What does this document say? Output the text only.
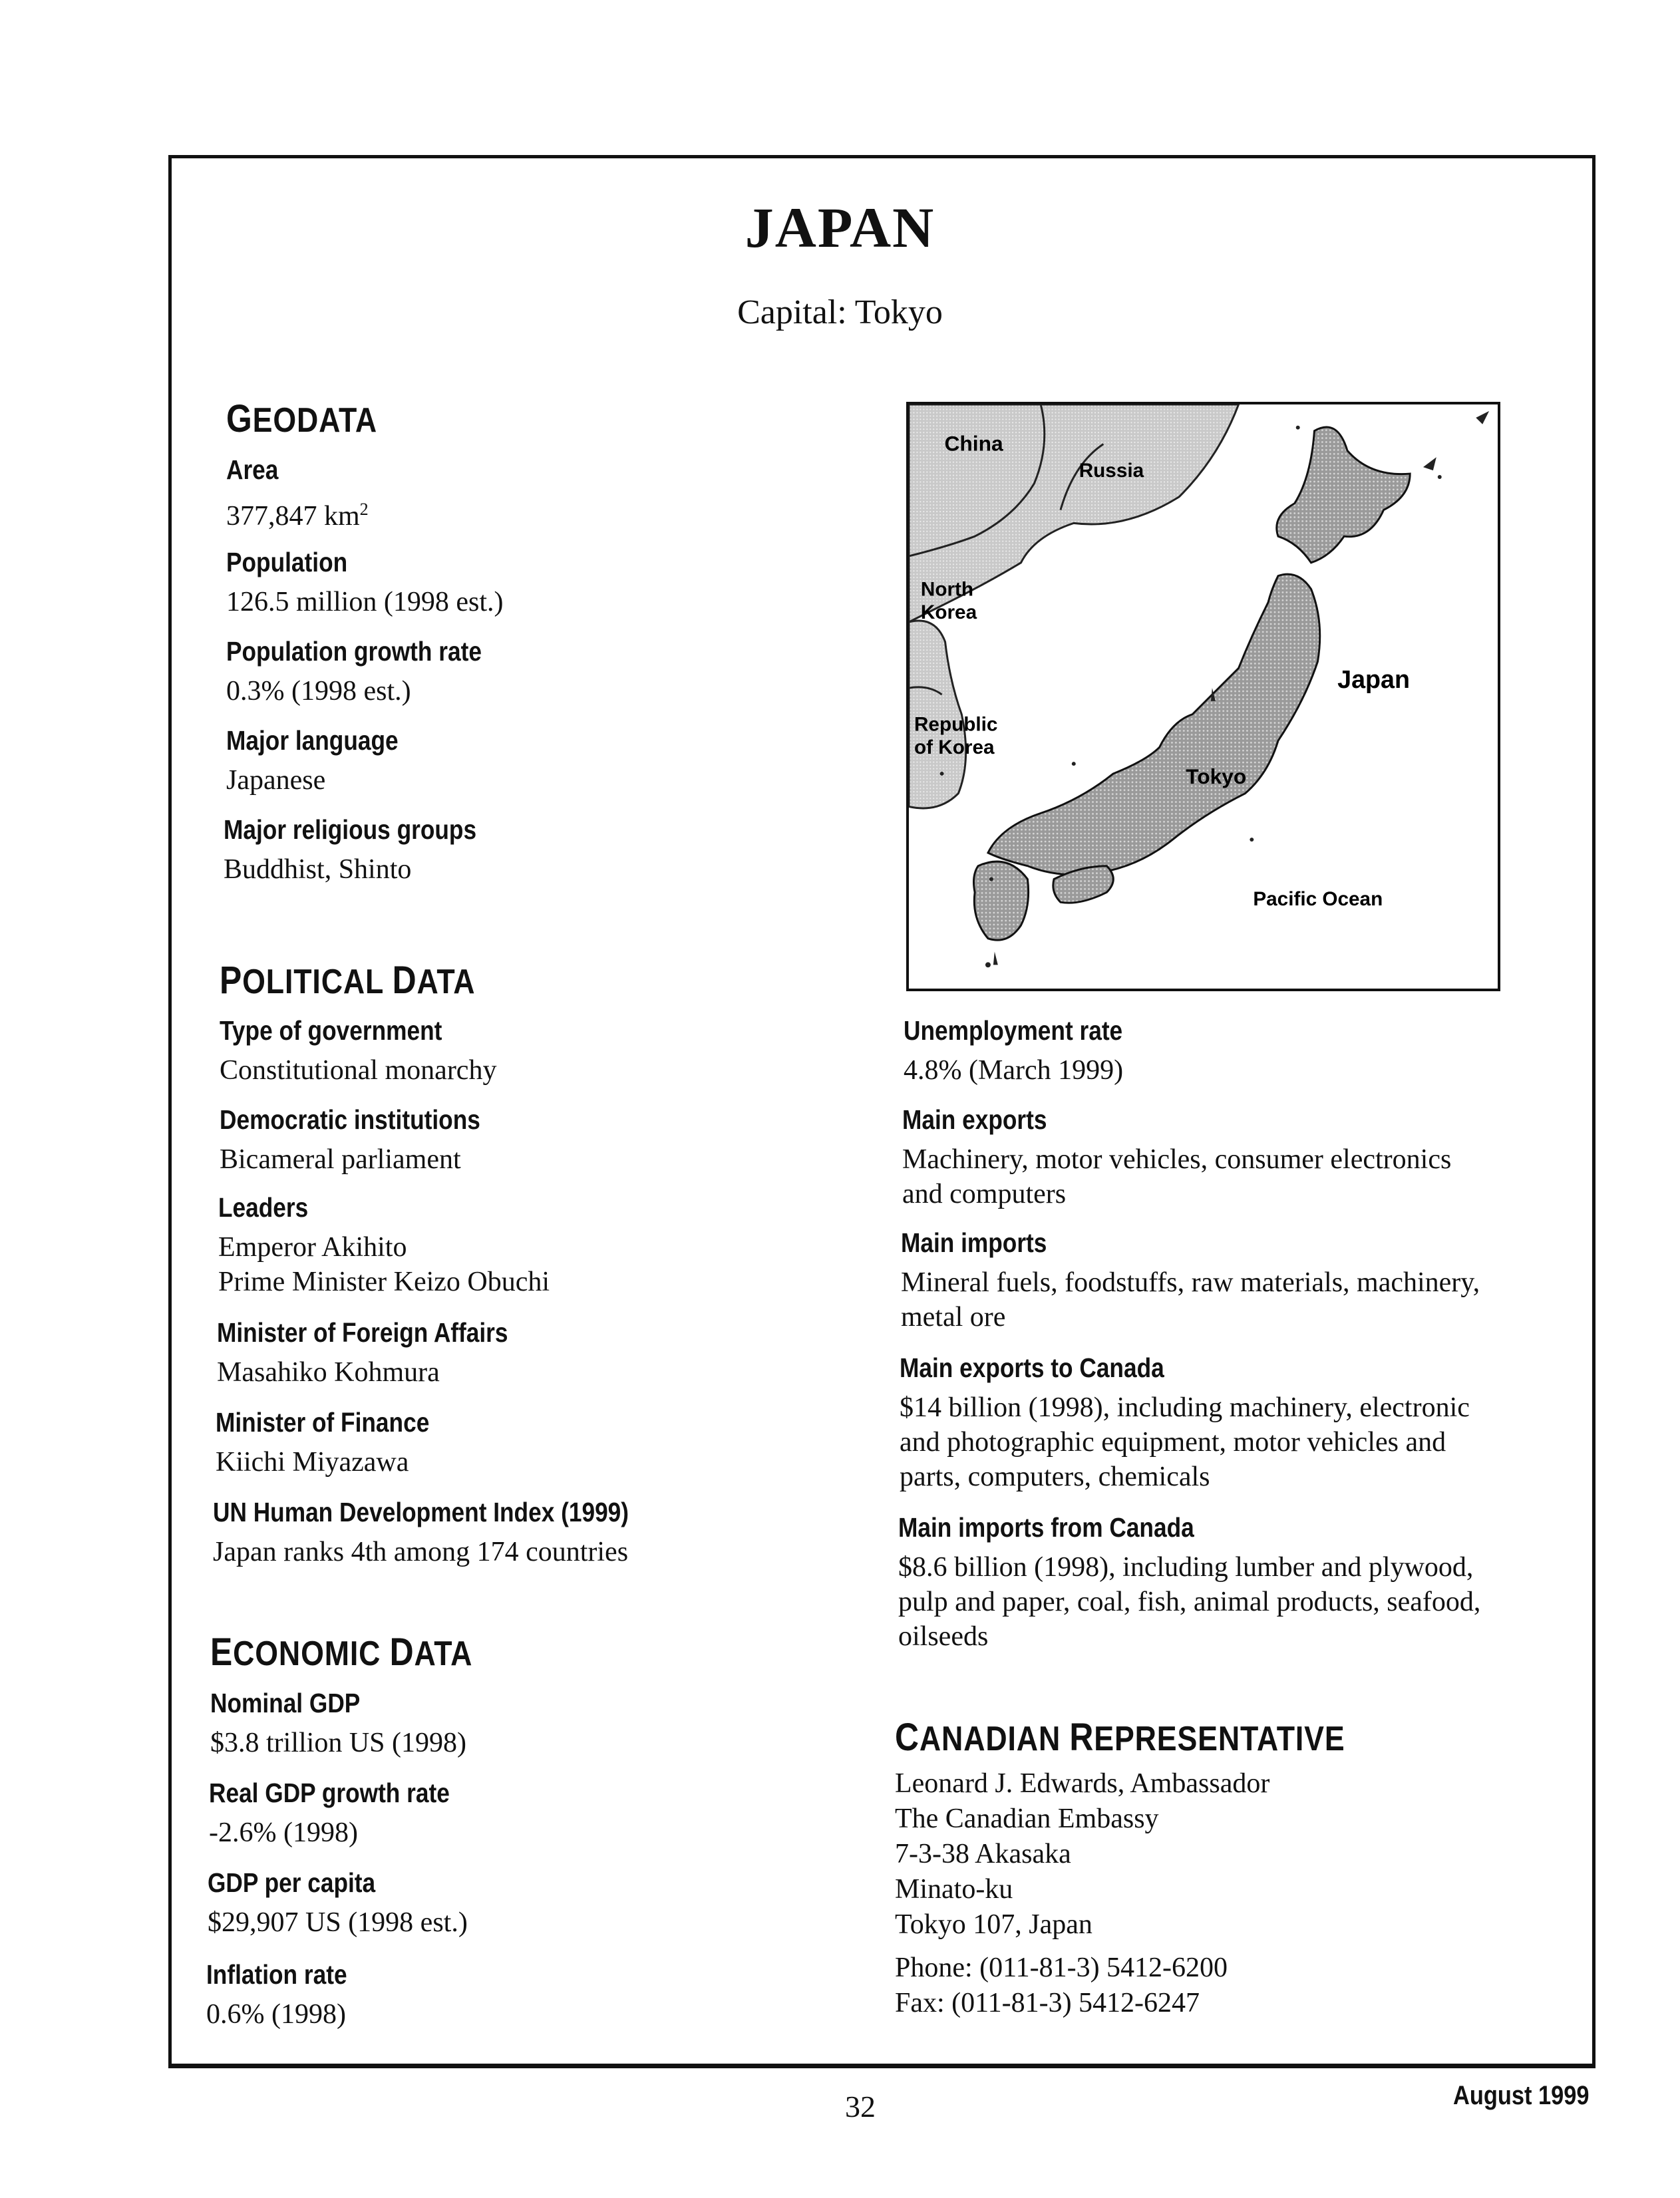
JAPAN
Capital: Tokyo
GEODATA
Area
377,847 $km^2$
Population
126.5 million (1998 est.)
Population growth rate
0.3% (1998 est.)
Major language
Japanese
Major religious groups
Buddhist, Shinto
POLITICAL DATA
Type of government
Constitutional monarchy
Democratic institutions
Bicameral parliament
Leaders
Emperor Akihito
Prime Minister Keizo Obuchi
Minister of Foreign Affairs
Masahiko Kohmura
Minister of Finance
Kiichi Miyazawa
UN Human Development Index (1999)
Japan ranks 4th among 174 countries
ECONOMIC DATA
Nominal GDP
$3.8 trillion US (1998)
Real GDP growth rate
-2.6% (1998)
GDP per capita
$29,907 US (1998 est.)
Inflation rate
0.6% (1998)
China
Russia
North
Korea
Republic
of Korea
Japan
Tokyo
Pacific Ocean
Unemployment rate
4.8% (March 1999)
Main exports
Machinery, motor vehicles, consumer electronics
and computers
Main imports
Mineral fuels, foodstuffs, raw materials, machinery,
metal ore
Main exports to Canada
$14 billion (1998), including machinery, electronic
and photographic equipment, motor vehicles and
parts, computers, chemicals
Main imports from Canada
$8.6 billion (1998), including lumber and plywood,
pulp and paper, coal, fish, animal products, seafood,
oilseeds
CANADIAN REPRESENTATIVE
Leonard J. Edwards, Ambassador
The Canadian Embassy
7-3-38 Akasaka
Minato-ku
Tokyo 107, Japan
Phone: (011-81-3) 5412-6200
Fax: (011-81-3) 5412-6247
32	August 1999
